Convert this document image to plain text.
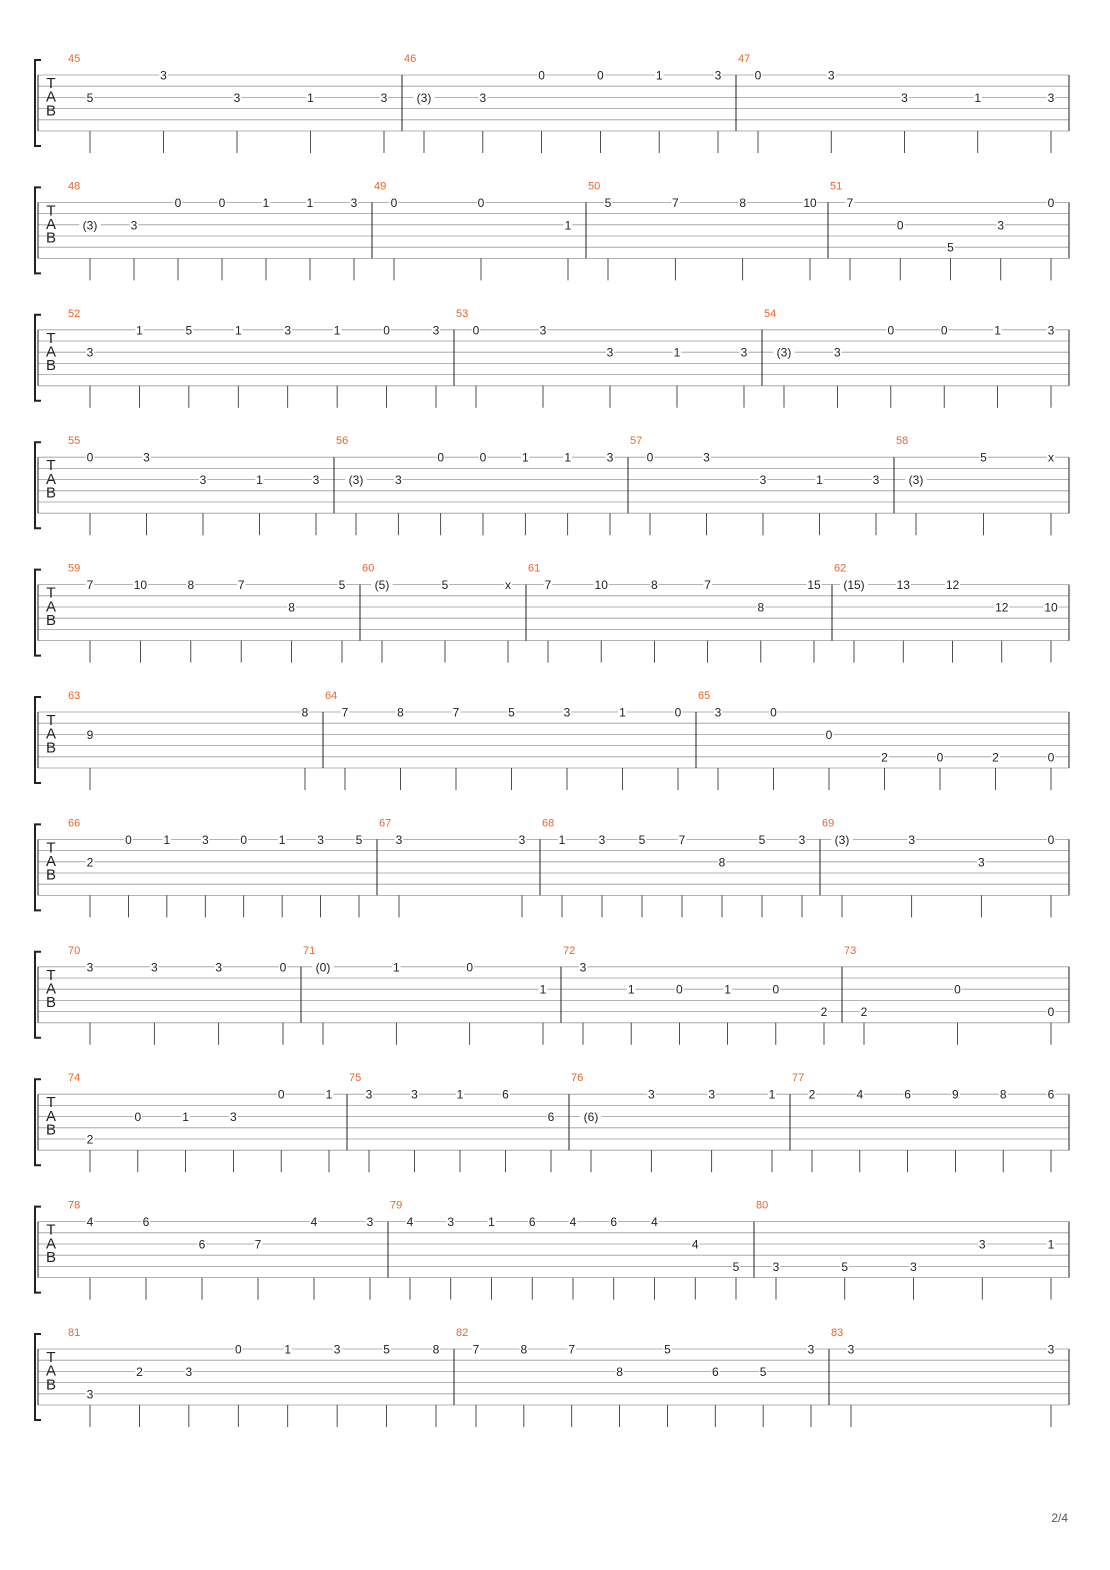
T
A
B
45
5
3
3	1	3
46
(3)	3
0	0	1	3
47
0	3
3	1	3
T
A
B
48
(3)	3
0	0	1	1	3
49
0	0
1
50
5	7	8	10
51
7
0
5
3
0
T
A
B
52
3
1	5	1	3	1	0	3
53
0	3
3	1	3
54
(3)	3
0	0	1	3
T
A
B
55
0	3
3	1	3
56
(3)	3
0	0	1	1	3
57
0	3
3	1	3
58
(3)
5	x
T
A
B
59
7	10	8	7
8
5
60
(5)	5	x
61
7	10	8	7
8
15
62
(15)	13	12
12	10
T
A
B
63
9
8
64
7	8	7	5	3	1	0
65
3	0
0
2	0	2	0
T
A
B
66
2
0	1	3	0	1	3	5
67
3	3
68
1	3	5	7
8
5	3
69
(3)	3
3
0
T
A
B
70
3	3	3	0
71
(0)	1	0
1
72
3
1	0	1	0
2
73
2
0
0
T
A
B
74
2
0	1	3
0	1
75
3	3	1	6
6
76
(6)
3	3	1
77
2	4	6	9	8	6
T
A
B
78
4	6
6	7
4	3
79
4	3	1	6	4	6	4
4
5
80
3	5	3
3	1
T
A
B
81
3
2	3
0	1	3	5	8
82
7	8	7
8
5
6	5
3
83
3	3
2/4
